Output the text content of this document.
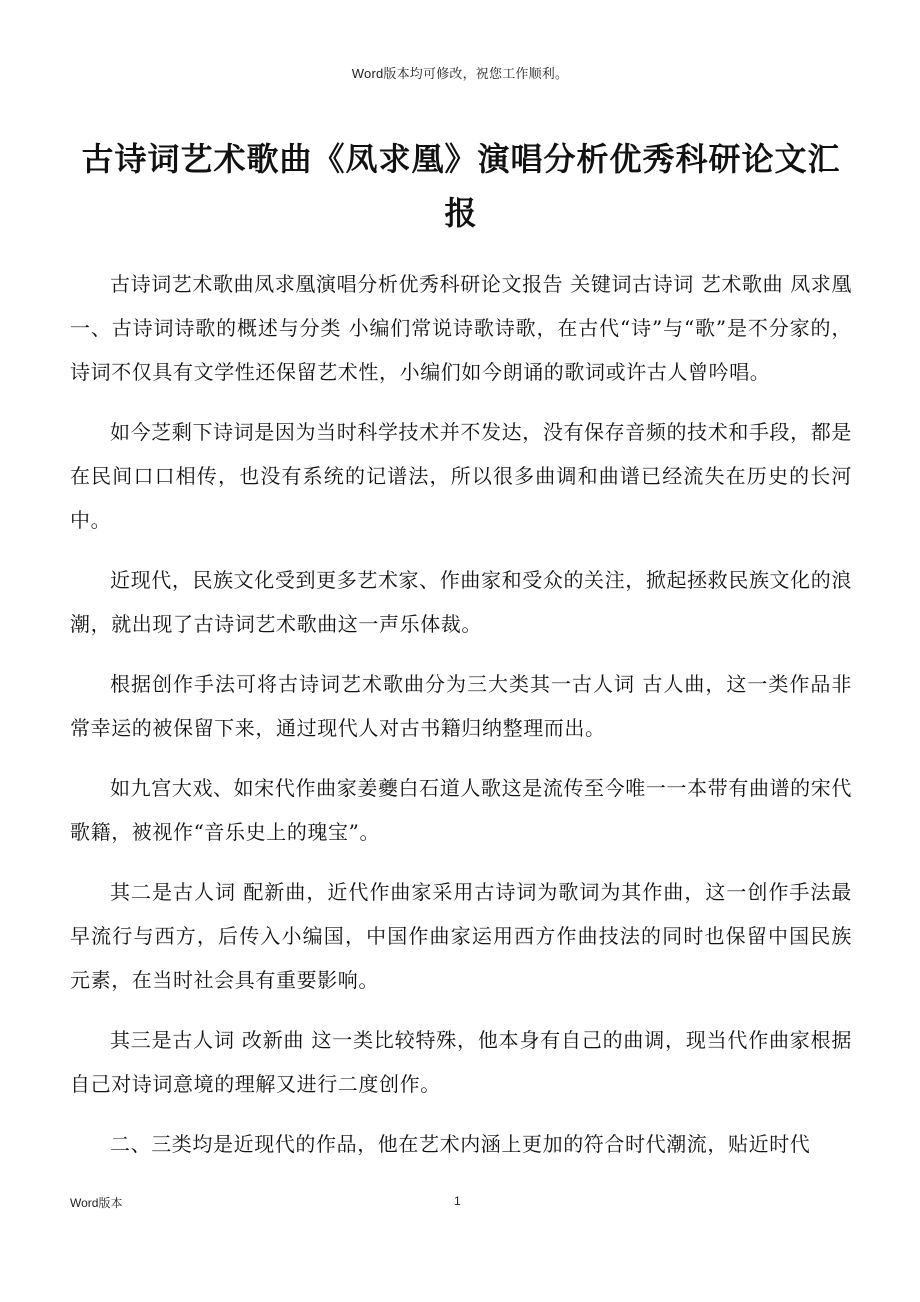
Word版本均可修改，祝您工作顺利。
古诗词艺术歌曲《凤求凰》演唱分析优秀科研论文汇报

古诗词艺术歌曲凤求凰演唱分析优秀科研论文报告 关键词古诗词 艺术歌曲 凤求凰 一、古诗词诗歌的概述与分类 小编们常说诗歌诗歌，在古代“诗”与“歌”是不分家的，诗词不仅具有文学性还保留艺术性，小编们如今朗诵的歌词或许古人曾吟唱。

如今芝剩下诗词是因为当时科学技术并不发达，没有保存音频的技术和手段，都是在民间口口相传，也没有系统的记谱法，所以很多曲调和曲谱已经流失在历史的长河中。

近现代，民族文化受到更多艺术家、作曲家和受众的关注，掀起拯救民族文化的浪潮，就出现了古诗词艺术歌曲这一声乐体裁。

根据创作手法可将古诗词艺术歌曲分为三大类其一古人词 古人曲，这一类作品非常幸运的被保留下来，通过现代人对古书籍归纳整理而出。

如九宫大戏、如宋代作曲家姜夔白石道人歌这是流传至今唯一一本带有曲谱的宋代歌籍，被视作“音乐史上的瑰宝”。

其二是古人词 配新曲，近代作曲家采用古诗词为歌词为其作曲，这一创作手法最早流行与西方，后传入小编国，中国作曲家运用西方作曲技法的同时也保留中国民族元素，在当时社会具有重要影响。

其三是古人词 改新曲 这一类比较特殊，他本身有自己的曲调，现当代作曲家根据自己对诗词意境的理解又进行二度创作。

二、三类均是近现代的作品，他在艺术内涵上更加的符合时代潮流，贴近时代

Word版本	1
